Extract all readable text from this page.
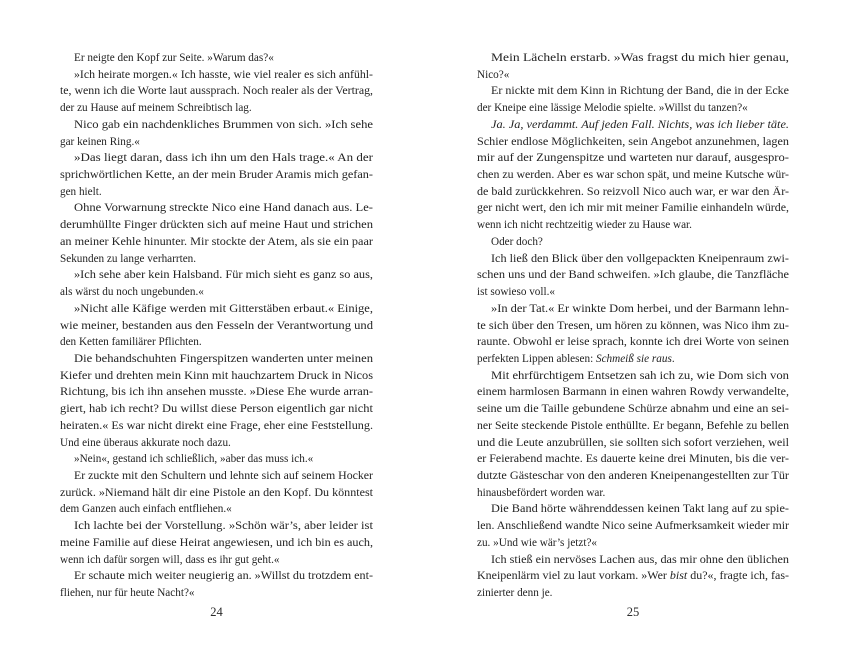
Er neigte den Kopf zur Seite. »Warum das?«
»Ich heirate morgen.« Ich hasste, wie viel realer es sich anfühl-
te, wenn ich die Worte laut aussprach. Noch realer als der Vertrag,
der zu Hause auf meinem Schreibtisch lag.
Nico gab ein nachdenkliches Brummen von sich. »Ich sehe
gar keinen Ring.«
»Das liegt daran, dass ich ihn um den Hals trage.« An der
sprichwörtlichen Kette, an der mein Bruder Aramis mich gefan-
gen hielt.
Ohne Vorwarnung streckte Nico eine Hand danach aus. Le-
derumhüllte Finger drückten sich auf meine Haut und strichen
an meiner Kehle hinunter. Mir stockte der Atem, als sie ein paar
Sekunden zu lange verharrten.
»Ich sehe aber kein Halsband. Für mich sieht es ganz so aus,
als wärst du noch ungebunden.«
»Nicht alle Käfige werden mit Gitterstäben erbaut.« Einige,
wie meiner, bestanden aus den Fesseln der Verantwortung und
den Ketten familiärer Pflichten.
Die behandschuhten Fingerspitzen wanderten unter meinen
Kiefer und drehten mein Kinn mit hauchzartem Druck in Nicos
Richtung, bis ich ihn ansehen musste. »Diese Ehe wurde arran-
giert, hab ich recht? Du willst diese Person eigentlich gar nicht
heiraten.« Es war nicht direkt eine Frage, eher eine Feststellung.
Und eine überaus akkurate noch dazu.
»Nein«, gestand ich schließlich, »aber das muss ich.«
Er zuckte mit den Schultern und lehnte sich auf seinem Hocker
zurück. »Niemand hält dir eine Pistole an den Kopf. Du könntest
dem Ganzen auch einfach entfliehen.«
Ich lachte bei der Vorstellung. »Schön wär’s, aber leider ist
meine Familie auf diese Heirat angewiesen, und ich bin es auch,
wenn ich dafür sorgen will, dass es ihr gut geht.«
Er schaute mich weiter neugierig an. »Willst du trotzdem ent-
fliehen, nur für heute Nacht?«
Mein Lächeln erstarb. »Was fragst du mich hier genau,
Nico?«
Er nickte mit dem Kinn in Richtung der Band, die in der Ecke
der Kneipe eine lässige Melodie spielte. »Willst du tanzen?«
Ja. Ja, verdammt. Auf jeden Fall. Nichts, was ich lieber täte.
Schier endlose Möglichkeiten, sein Angebot anzunehmen, lagen
mir auf der Zungenspitze und warteten nur darauf, ausgespro-
chen zu werden. Aber es war schon spät, und meine Kutsche wür-
de bald zurückkehren. So reizvoll Nico auch war, er war den Är-
ger nicht wert, den ich mir mit meiner Familie einhandeln würde,
wenn ich nicht rechtzeitig wieder zu Hause war.
Oder doch?
Ich ließ den Blick über den vollgepackten Kneipenraum zwi-
schen uns und der Band schweifen. »Ich glaube, die Tanzfläche
ist sowieso voll.«
»In der Tat.« Er winkte Dom herbei, und der Barmann lehn-
te sich über den Tresen, um hören zu können, was Nico ihm zu-
raunte. Obwohl er leise sprach, konnte ich drei Worte von seinen
perfekten Lippen ablesen: Schmeiß sie raus.
Mit ehrfürchtigem Entsetzen sah ich zu, wie Dom sich von
einem harmlosen Barmann in einen wahren Rowdy verwandelte,
seine um die Taille gebundene Schürze abnahm und eine an sei-
ner Seite steckende Pistole enthüllte. Er begann, Befehle zu bellen
und die Leute anzubrüllen, sie sollten sich sofort verziehen, weil
er Feierabend machte. Es dauerte keine drei Minuten, bis die ver-
dutzte Gästeschar von den anderen Kneipenangestellten zur Tür
hinausbefördert worden war.
Die Band hörte währenddessen keinen Takt lang auf zu spie-
len. Anschließend wandte Nico seine Aufmerksamkeit wieder mir
zu. »Und wie wär’s jetzt?«
Ich stieß ein nervöses Lachen aus, das mir ohne den üblichen
Kneipenlärm viel zu laut vorkam. »Wer bist du?«, fragte ich, fas-
zinierter denn je.
24	25
